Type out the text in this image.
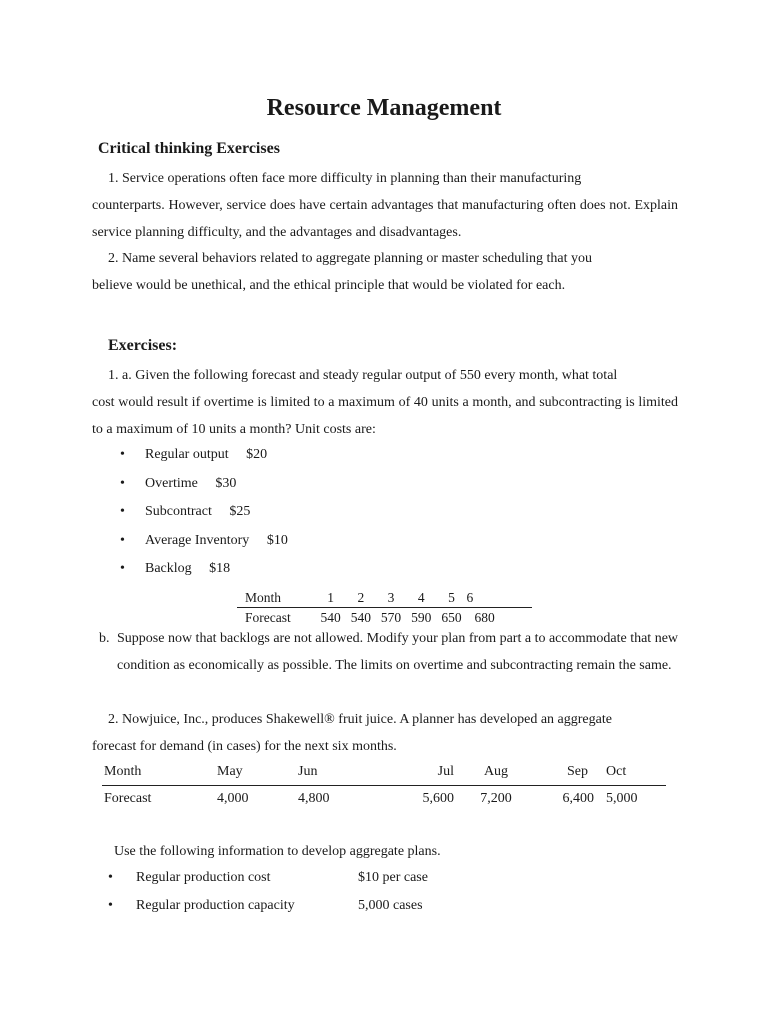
Resource Management
Critical thinking Exercises
1. Service operations often face more difficulty in planning than their manufacturing
counterparts. However, service does have certain advantages that manufacturing often does not. Explain service planning difficulty, and the advantages and disadvantages.
2. Name several behaviors related to aggregate planning or master scheduling that you
believe would be unethical, and the ethical principle that would be violated for each.
Exercises:
1. a. Given the following forecast and steady regular output of 550 every month, what total
cost would result if overtime is limited to a maximum of 40 units a month, and subcontracting is limited to a maximum of 10 units a month? Unit costs are:
• Regular output $20
• Overtime $30
• Subcontract $25
• Average Inventory $10
• Backlog $18
Month	1	2	3	4	5	6	
Forecast	540	540	570	590	650	680	
b. Suppose now that backlogs are not allowed. Modify your plan from part a to accommodate that new condition as economically as possible. The limits on overtime and subcontracting remain the same.
2. Nowjuice, Inc., produces Shakewell® fruit juice. A planner has developed an aggregate
forecast for demand (in cases) for the next six months.
Month	May	Jun	Jul	Aug	Sep	Oct
Forecast	4,000	4,800	5,600	7,200	6,400	5,000
Use the following information to develop aggregate plans.
• Regular production cost	$10 per case
• Regular production capacity	5,000 cases
